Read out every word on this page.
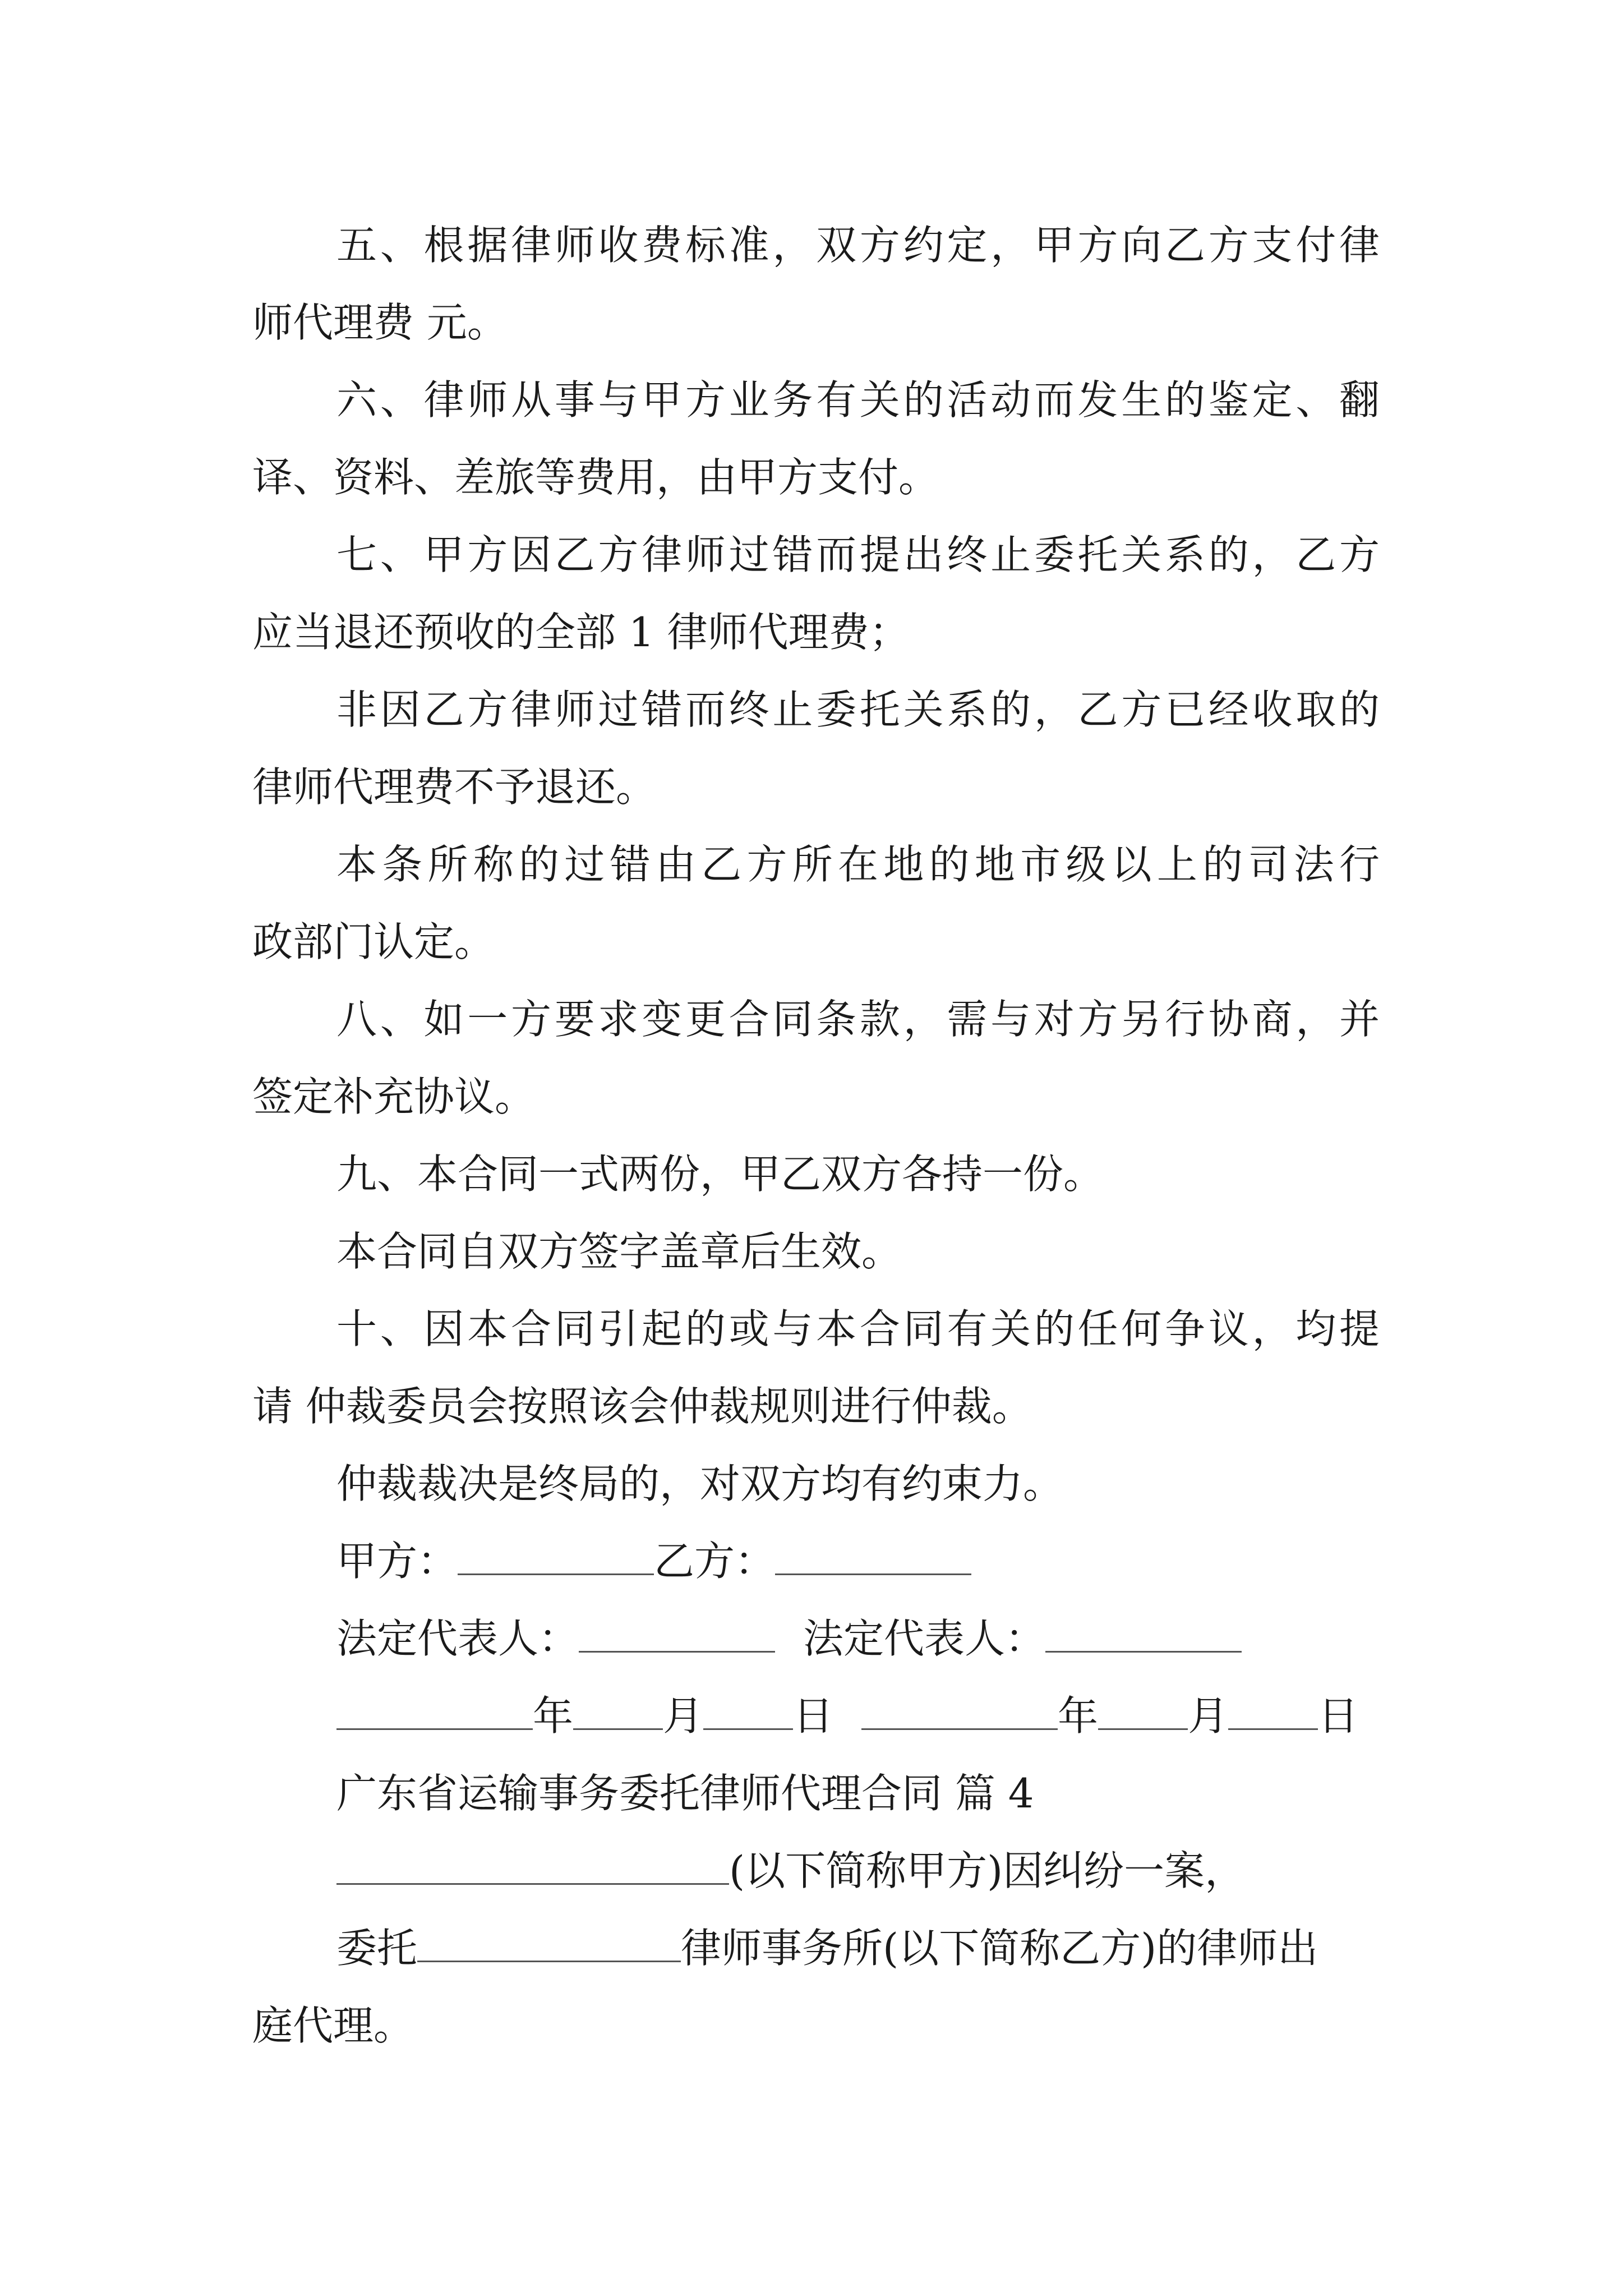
五、根据律师收费标准，双方约定，甲方向乙方支付律
师代理费 元。
六、律师从事与甲方业务有关的活动而发生的鉴定、翻
译、资料、差旅等费用，由甲方支付。
七、甲方因乙方律师过错而提出终止委托关系的，乙方
应当退还预收的全部 1 律师代理费；
非因乙方律师过错而终止委托关系的，乙方已经收取的
律师代理费不予退还。
本条所称的过错由乙方所在地的地市级以上的司法行
政部门认定。
八、如一方要求变更合同条款，需与对方另行协商，并
签定补充协议。
九、本合同一式两份，甲乙双方各持一份。
本合同自双方签字盖章后生效。
十、因本合同引起的或与本合同有关的任何争议，均提
请 仲裁委员会按照该会仲裁规则进行仲裁。
仲裁裁决是终局的，对双方均有约束力。
甲方：	乙方：
法定代表人：	法定代表人：
年 月 日	年 月 日
广东省运输事务委托律师代理合同 篇 4
(以下简称甲方)因纠纷一案，
委托	律师事务所(以下简称乙方)的律师出
庭代理。
